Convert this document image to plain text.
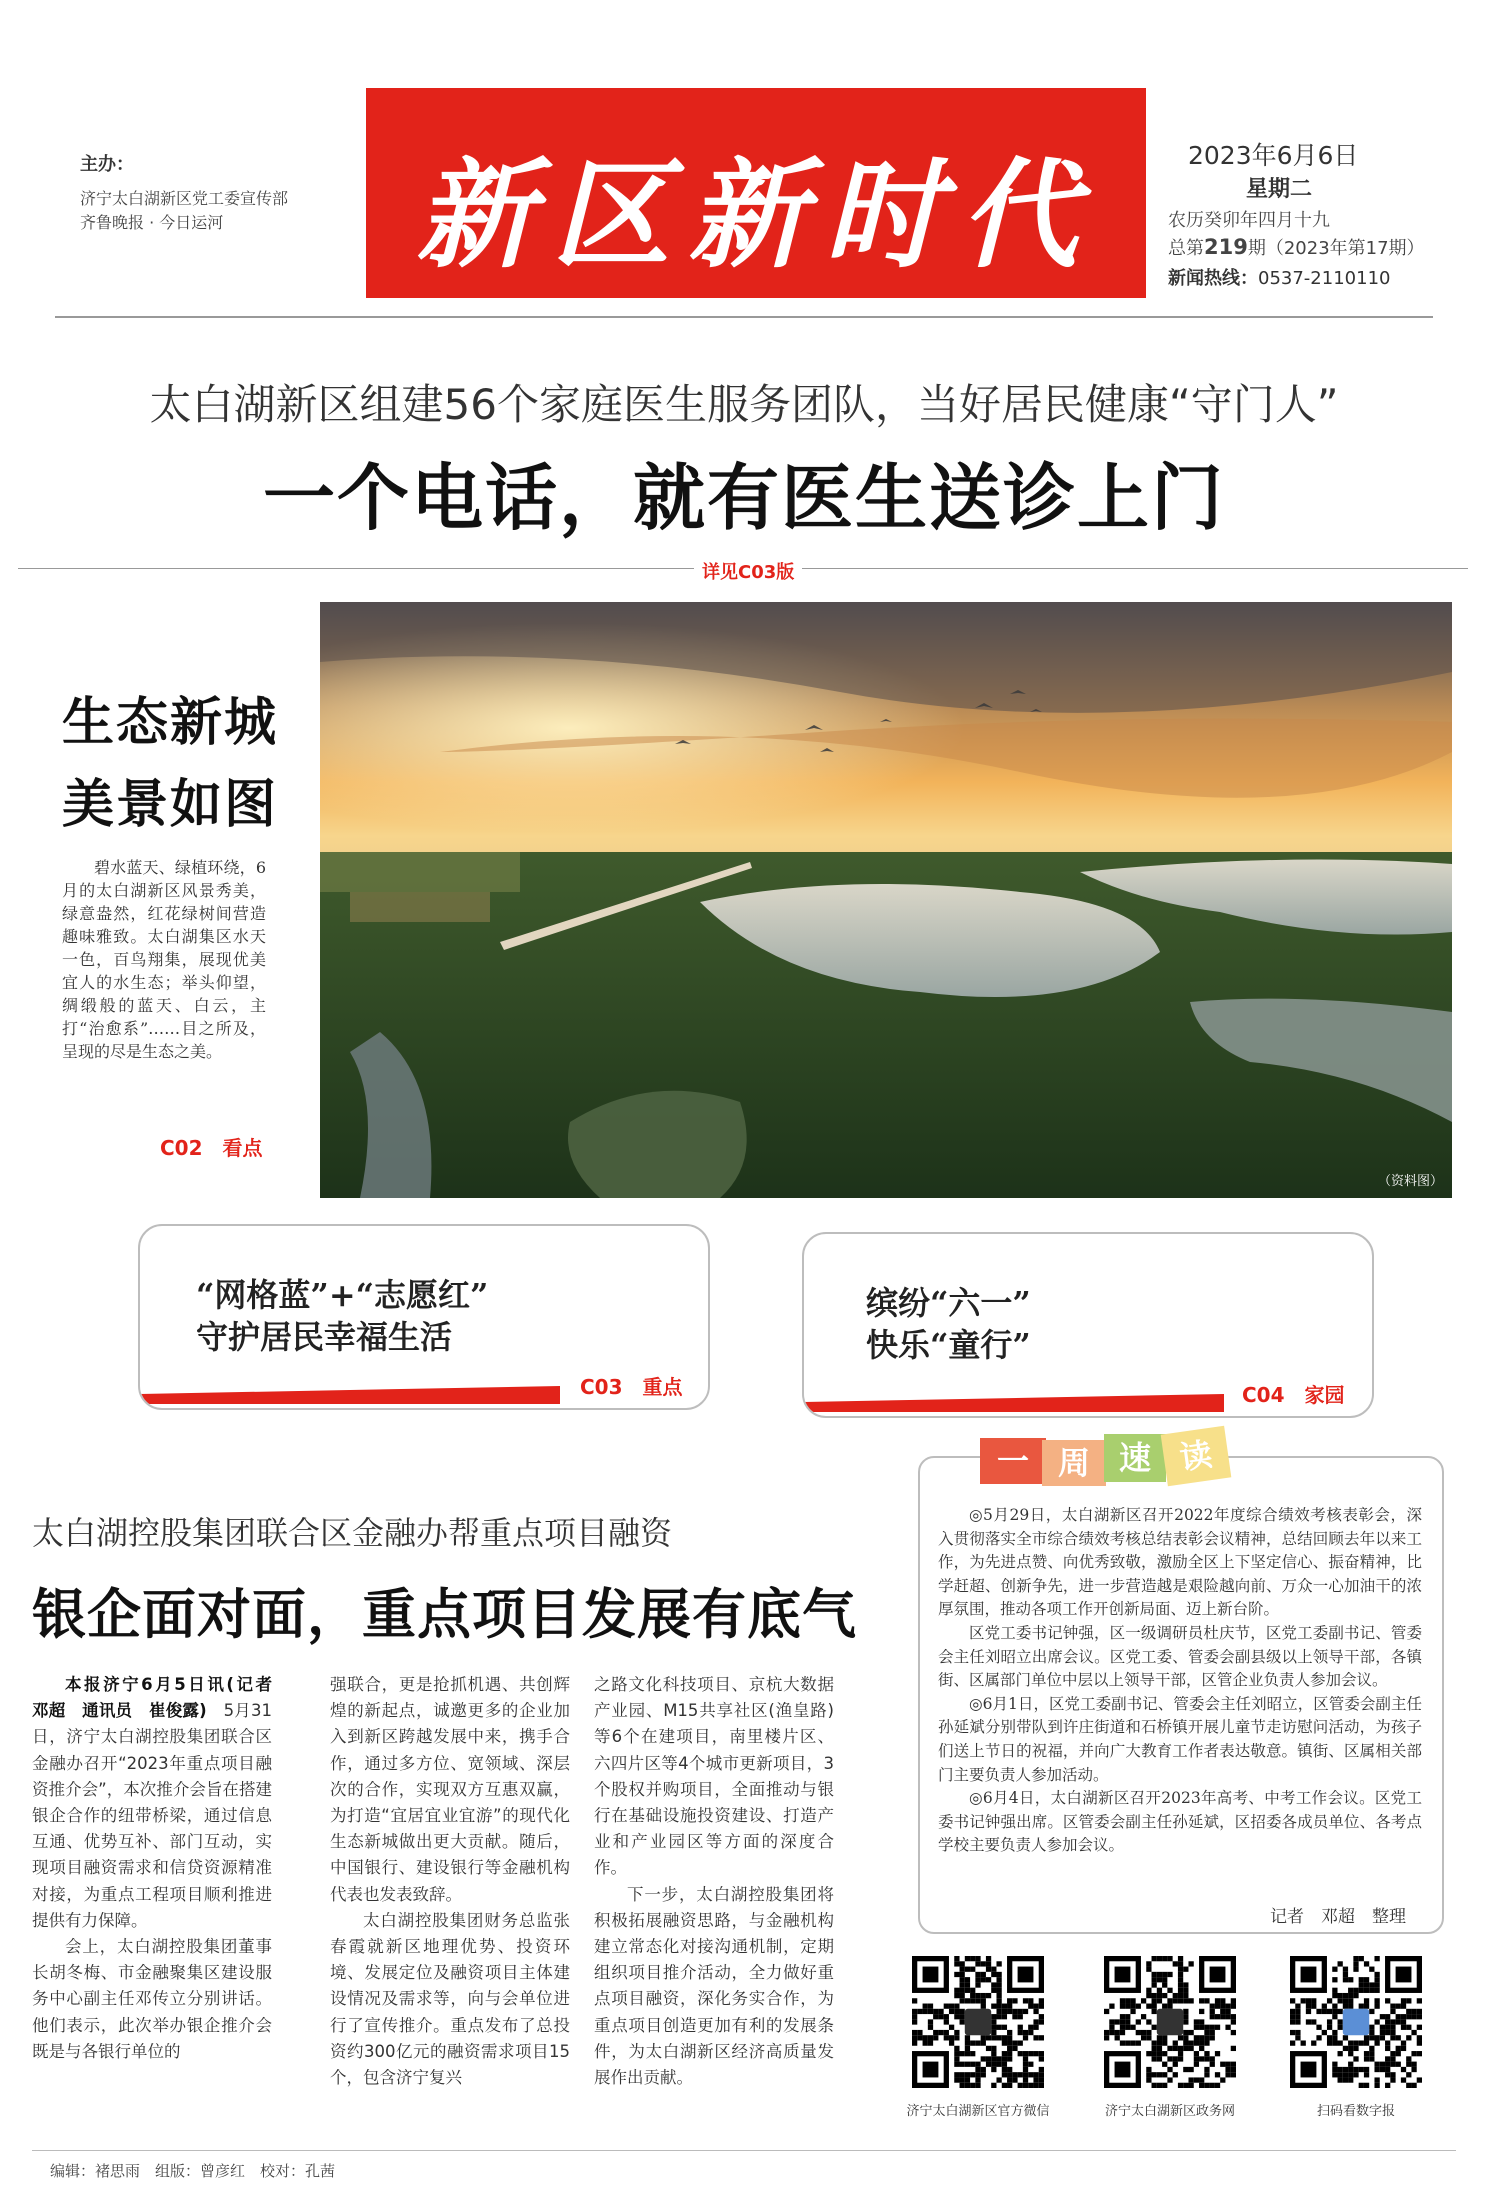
主办：
济宁太白湖新区党工委宣传部
齐鲁晚报 · 今日运河	新区新时代	2023年6月6日
星期二
农历癸卯年四月十九
总第219期（2023年第17期）
新闻热线：0537-2110110
太白湖新区组建56个家庭医生服务团队，当好居民健康“守门人”
一个电话，就有医生送诊上门
详见C03版
生态新城
美景如图
碧水蓝天、绿植环绕，6月的太白湖新区风景秀美，绿意盎然，红花绿树间营造趣味雅致。太白湖集区水天一色，百鸟翔集，展现优美宜人的水生态；举头仰望，绸缎般的蓝天、白云，主打“治愈系”……目之所及，呈现的尽是生态之美。
C02　看点
（资料图）
“网格蓝”+“志愿红”
守护居民幸福生活
C03　重点
缤纷“六一”
快乐“童行”
C04　家园
太白湖控股集团联合区金融办帮重点项目融资
银企面对面，重点项目发展有底气

本报济宁6月5日讯(记者　邓超　通讯员　崔俊露)　5月31日，济宁太白湖控股集团联合区金融办召开“2023年重点项目融资推介会”，本次推介会旨在搭建银企合作的纽带桥梁，通过信息互通、优势互补、部门互动，实现项目融资需求和信贷资源精准对接，为重点工程项目顺利推进提供有力保障。

会上，太白湖控股集团董事长胡冬梅、市金融聚集区建设服务中心副主任邓传立分别讲话。他们表示，此次举办银企推介会既是与各银行单位的

强联合，更是抢抓机遇、共创辉煌的新起点，诚邀更多的企业加入到新区跨越发展中来，携手合作，通过多方位、宽领域、深层次的合作，实现双方互惠双赢，为打造“宜居宜业宜游”的现代化生态新城做出更大贡献。随后，中国银行、建设银行等金融机构代表也发表致辞。

太白湖控股集团财务总监张春霞就新区地理优势、投资环境、发展定位及融资项目主体建设情况及需求等，向与会单位进行了宣传推介。重点发布了总投资约300亿元的融资需求项目15个，包含济宁复兴

之路文化科技项目、京杭大数据产业园、M15共享社区(渔皇路)等6个在建项目，南里楼片区、六四片区等4个城市更新项目，3个股权并购项目，全面推动与银行在基础设施投资建设、打造产业和产业园区等方面的深度合作。

下一步，太白湖控股集团将积极拓展融资思路，与金融机构建立常态化对接沟通机制，定期组织项目推介活动，全力做好重点项目融资，深化务实合作，为重点项目创造更加有利的发展条件，为太白湖新区经济高质量发展作出贡献。

一 周 速 读

◎5月29日，太白湖新区召开2022年度综合绩效考核表彰会，深入贯彻落实全市综合绩效考核总结表彰会议精神，总结回顾去年以来工作，为先进点赞、向优秀致敬，激励全区上下坚定信心、振奋精神，比学赶超、创新争先，进一步营造越是艰险越向前、万众一心加油干的浓厚氛围，推动各项工作开创新局面、迈上新台阶。

区党工委书记钟强，区一级调研员杜庆节，区党工委副书记、管委会主任刘昭立出席会议。区党工委、管委会副县级以上领导干部，各镇街、区属部门单位中层以上领导干部，区管企业负责人参加会议。

◎6月1日，区党工委副书记、管委会主任刘昭立，区管委会副主任孙延斌分别带队到许庄街道和石桥镇开展儿童节走访慰问活动，为孩子们送上节日的祝福，并向广大教育工作者表达敬意。镇街、区属相关部门主要负责人参加活动。

◎6月4日，太白湖新区召开2023年高考、中考工作会议。区党工委书记钟强出席。区管委会副主任孙延斌，区招委各成员单位、各考点学校主要负责人参加会议。

记者　邓超　整理
济宁太白湖新区官方微信	济宁太白湖新区政务网	扫码看数字报
编辑：褚思雨　组版：曾彦红　校对：孔茜
